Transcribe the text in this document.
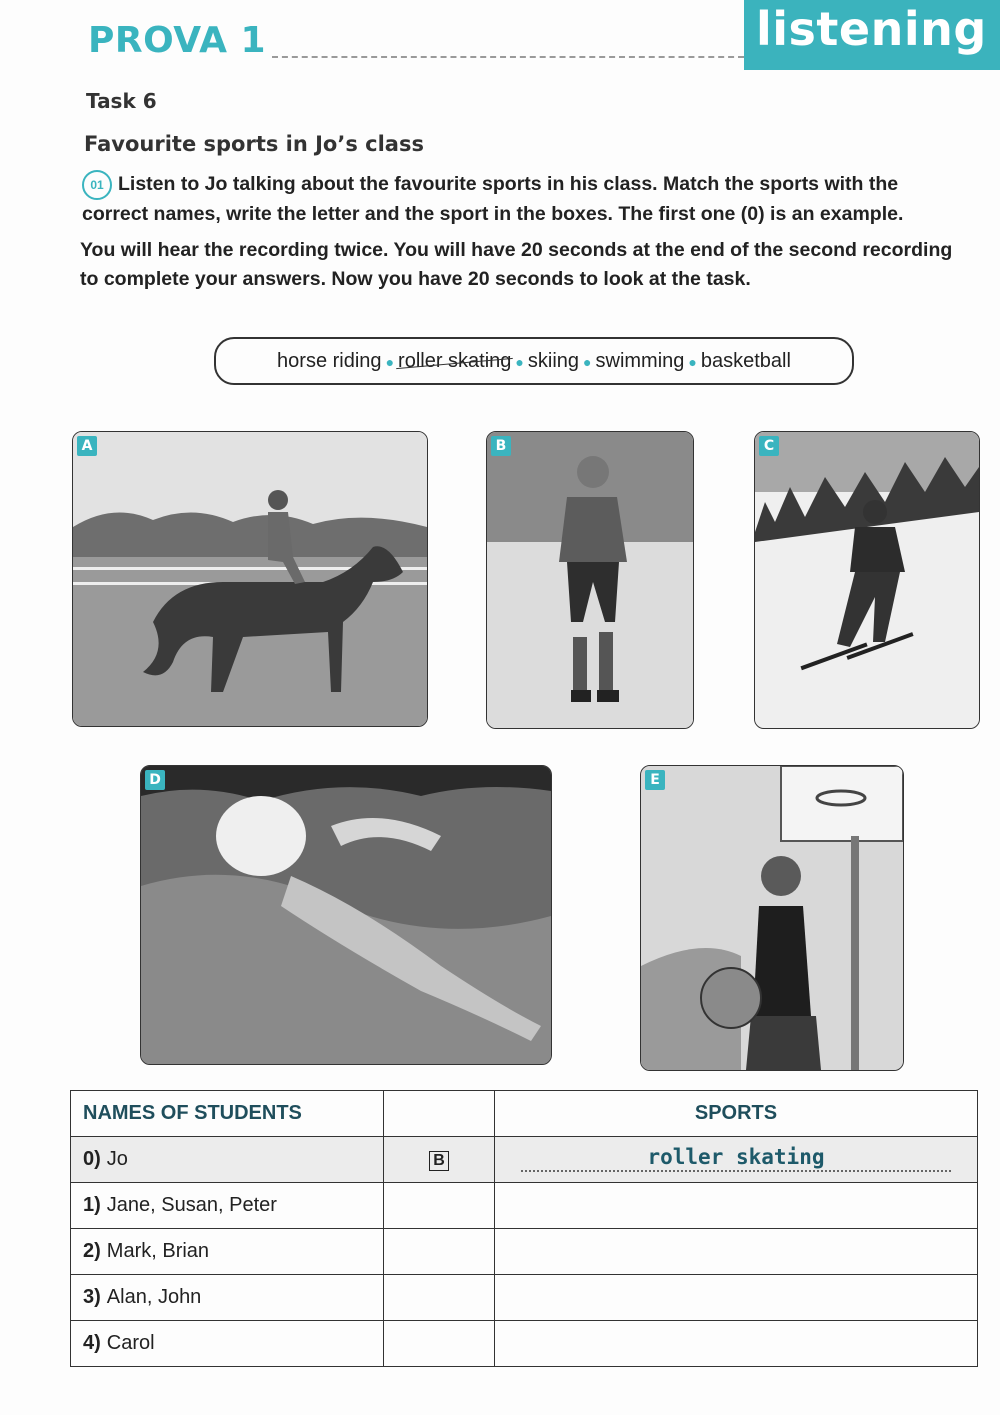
PROVA 1	listening
Task 6
Favourite sports in Jo’s class
01 Listen to Jo talking about the favourite sports in his class. Match the sports with the correct names, write the letter and the sport in the boxes. The first one (0) is an example.
You will hear the recording twice. You will have 20 seconds at the end of the second recording to complete your answers. Now you have 20 seconds to look at the task.
horse riding ● roller skating ● skiing ● swimming ● basketball
A	B	C
D	E
NAMES OF STUDENTS		SPORTS
0) Jo	B	roller skating

1) Jane, Susan, Peter		
2) Mark, Brian		
3) Alan, John		
4) Carol		
